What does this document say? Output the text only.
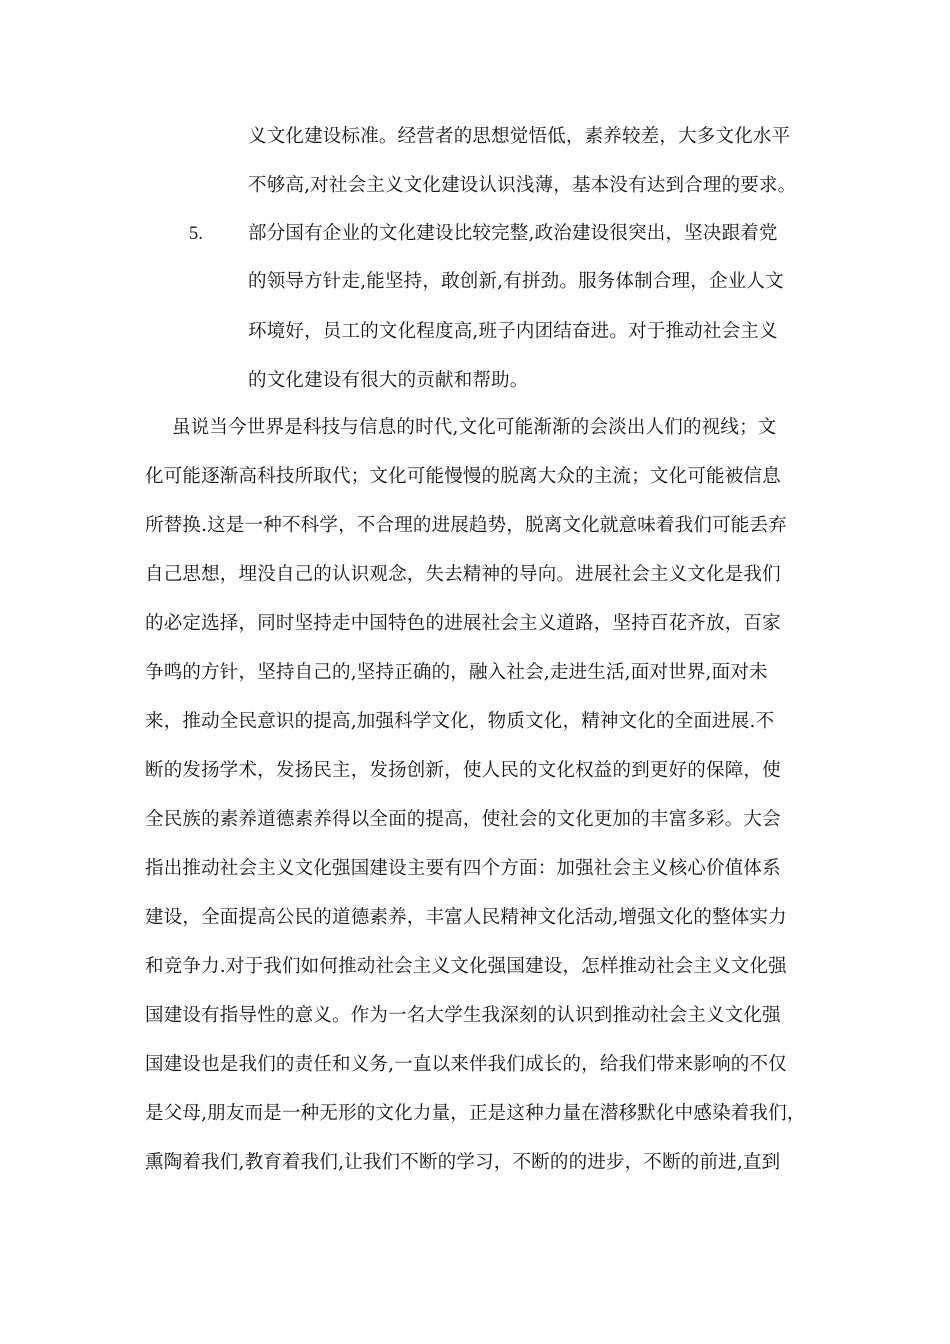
义文化建设标准。经营者的思想觉悟低，素养较差，大多文化水平
不够高,对社会主义文化建设认识浅薄，基本没有达到合理的要求。
5. 部分国有企业的文化建设比较完整,政治建设很突出，坚决跟着党
的领导方针走,能坚持，敢创新,有拼劲。服务体制合理，企业人文
环境好，员工的文化程度高,班子内团结奋进。对于推动社会主义
的文化建设有很大的贡献和帮助。
虽说当今世界是科技与信息的时代,文化可能渐渐的会淡出人们的视线；文
化可能逐渐高科技所取代；文化可能慢慢的脱离大众的主流；文化可能被信息
所替换.这是一种不科学，不合理的进展趋势，脱离文化就意味着我们可能丢弃
自己思想，埋没自己的认识观念，失去精神的导向。进展社会主义文化是我们
的必定选择，同时坚持走中国特色的进展社会主义道路，坚持百花齐放，百家
争鸣的方针，坚持自己的,坚持正确的，融入社会,走进生活,面对世界,面对未
来，推动全民意识的提高,加强科学文化，物质文化，精神文化的全面进展.不
断的发扬学术，发扬民主，发扬创新，使人民的文化权益的到更好的保障，使
全民族的素养道德素养得以全面的提高，使社会的文化更加的丰富多彩。大会
指出推动社会主义文化强国建设主要有四个方面：加强社会主义核心价值体系
建设，全面提高公民的道德素养，丰富人民精神文化活动,增强文化的整体实力
和竞争力.对于我们如何推动社会主义文化强国建设，怎样推动社会主义文化强
国建设有指导性的意义。作为一名大学生我深刻的认识到推动社会主义文化强
国建设也是我们的责任和义务,一直以来伴我们成长的，给我们带来影响的不仅
是父母,朋友而是一种无形的文化力量，正是这种力量在潜移默化中感染着我们，
熏陶着我们,教育着我们,让我们不断的学习，不断的的进步，不断的前进,直到
